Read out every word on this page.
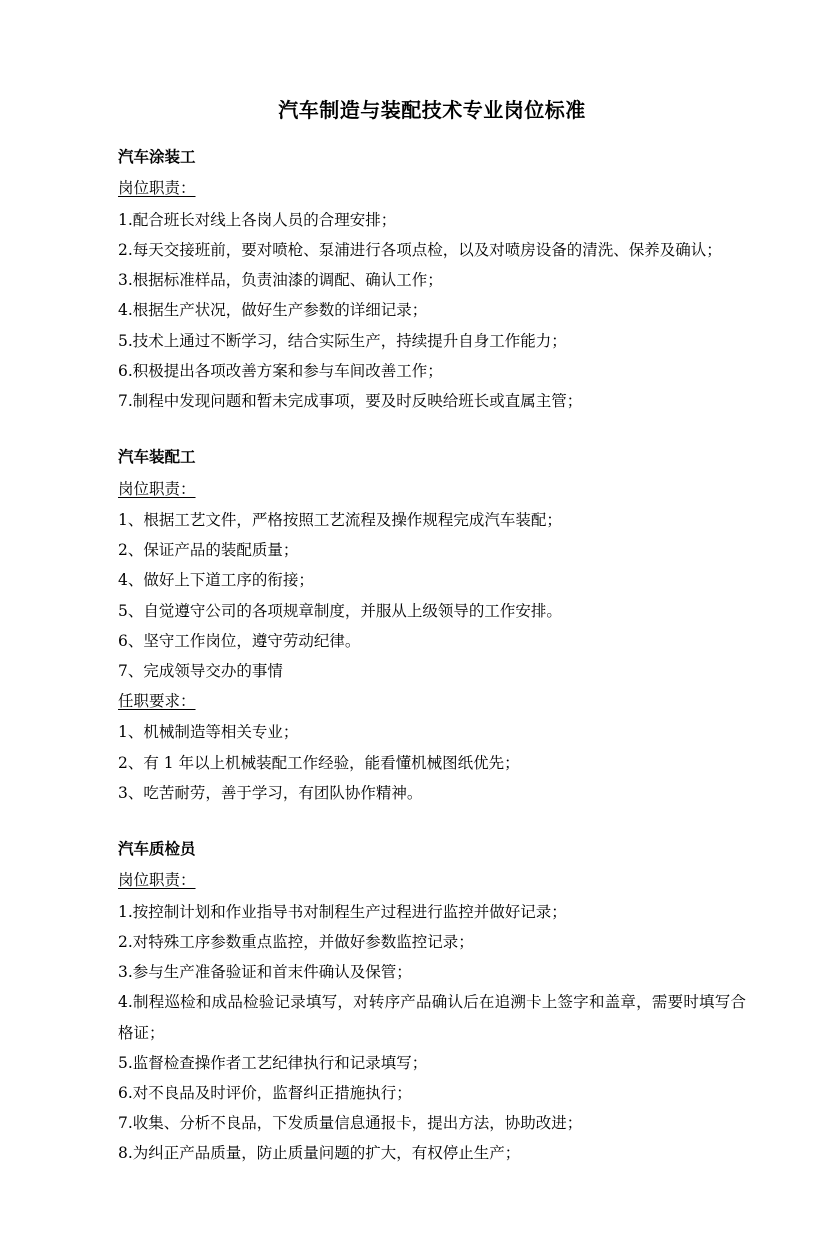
汽车制造与装配技术专业岗位标准
汽车涂装工
岗位职责：

1.配合班长对线上各岗人员的合理安排；

2.每天交接班前，要对喷枪、泵浦进行各项点检，以及对喷房设备的清洗、保养及确认；

3.根据标准样品，负责油漆的调配、确认工作；

4.根据生产状况，做好生产参数的详细记录；

5.技术上通过不断学习，结合实际生产，持续提升自身工作能力；

6.积极提出各项改善方案和参与车间改善工作；

7.制程中发现问题和暂未完成事项，要及时反映给班长或直属主管；

汽车装配工
岗位职责：

1、根据工艺文件，严格按照工艺流程及操作规程完成汽车装配；

2、保证产品的装配质量；

4、做好上下道工序的衔接；

5、自觉遵守公司的各项规章制度，并服从上级领导的工作安排。

6、坚守工作岗位，遵守劳动纪律。

7、完成领导交办的事情

任职要求：

1、机械制造等相关专业；

2、有 1 年以上机械装配工作经验，能看懂机械图纸优先；

3、吃苦耐劳，善于学习，有团队协作精神。

汽车质检员
岗位职责：

1.按控制计划和作业指导书对制程生产过程进行监控并做好记录；

2.对特殊工序参数重点监控，并做好参数监控记录；

3.参与生产准备验证和首末件确认及保管；

4.制程巡检和成品检验记录填写，对转序产品确认后在追溯卡上签字和盖章，需要时填写合格证；

5.监督检查操作者工艺纪律执行和记录填写；

6.对不良品及时评价，监督纠正措施执行；

7.收集、分析不良品，下发质量信息通报卡，提出方法，协助改进；

8.为纠正产品质量，防止质量问题的扩大，有权停止生产；
